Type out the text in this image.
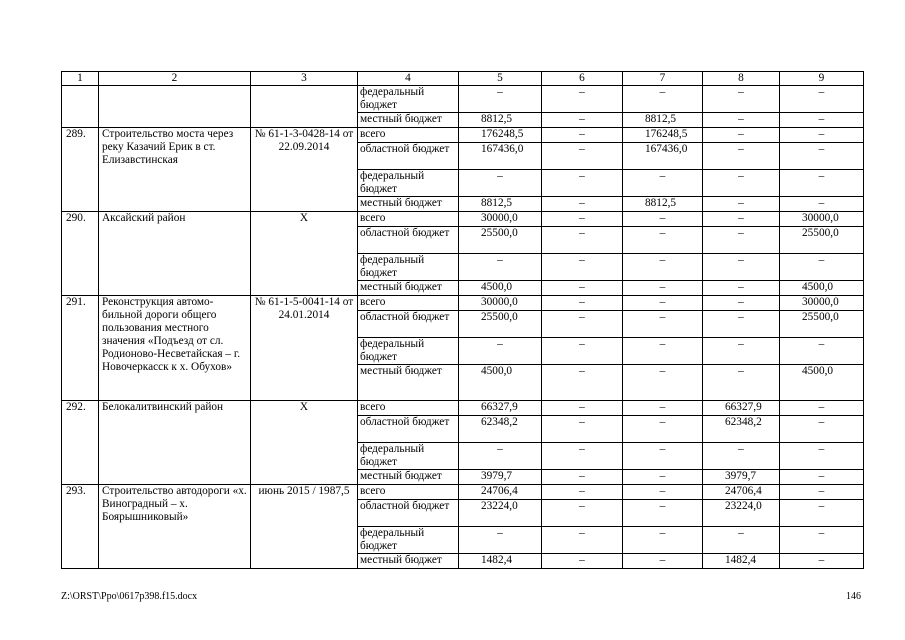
1	2	3	4	5	6	7	8	9
			федеральный бюджет	–	–	–	–	–
			местный бюджет	8812,5	–	8812,5	–	–
289.	Строительство моста через реку Казачий Ерик в ст. Елизавстинская	№ 61-1-3-0428-14 от 22.09.2014	всего	176248,5	–	176248,5	–	–
			областной бюджет	167436,0	–	167436,0	–	–
			федеральный бюджет	–	–	–	–	–
			местный бюджет	8812,5	–	8812,5	–	–
290.	Аксайский район	Х	всего	30000,0	–	–	–	30000,0
			областной бюджет	25500,0	–	–	–	25500,0
			федеральный бюджет	–	–	–	–	–
			местный бюджет	4500,0	–	–	–	4500,0
291.	Реконструкция автомо-бильной дороги общего пользования местного значения «Подъезд от сл. Родионово-Несветайская – г. Новочеркасск к х. Обухов»	№ 61-1-5-0041-14 от 24.01.2014	всего	30000,0	–	–	–	30000,0
			областной бюджет	25500,0	–	–	–	25500,0
			федеральный бюджет	–	–	–	–	–
			местный бюджет	4500,0	–	–	–	4500,0
292.	Белокалитвинский район	Х	всего	66327,9	–	–	66327,9	–
			областной бюджет	62348,2	–	–	62348,2	–
			федеральный бюджет	–	–	–	–	–
			местный бюджет	3979,7	–	–	3979,7	–
293.	Строительство автодороги «х. Виноградный – х. Боярышниковый»	июнь 2015 / 1987,5	всего	24706,4	–	–	24706,4	–
			областной бюджет	23224,0	–	–	23224,0	–
			федеральный бюджет	–	–	–	–	–
			местный бюджет	1482,4	–	–	1482,4	–
Z:\ORST\Ppo\0617p398.f15.docx	146
